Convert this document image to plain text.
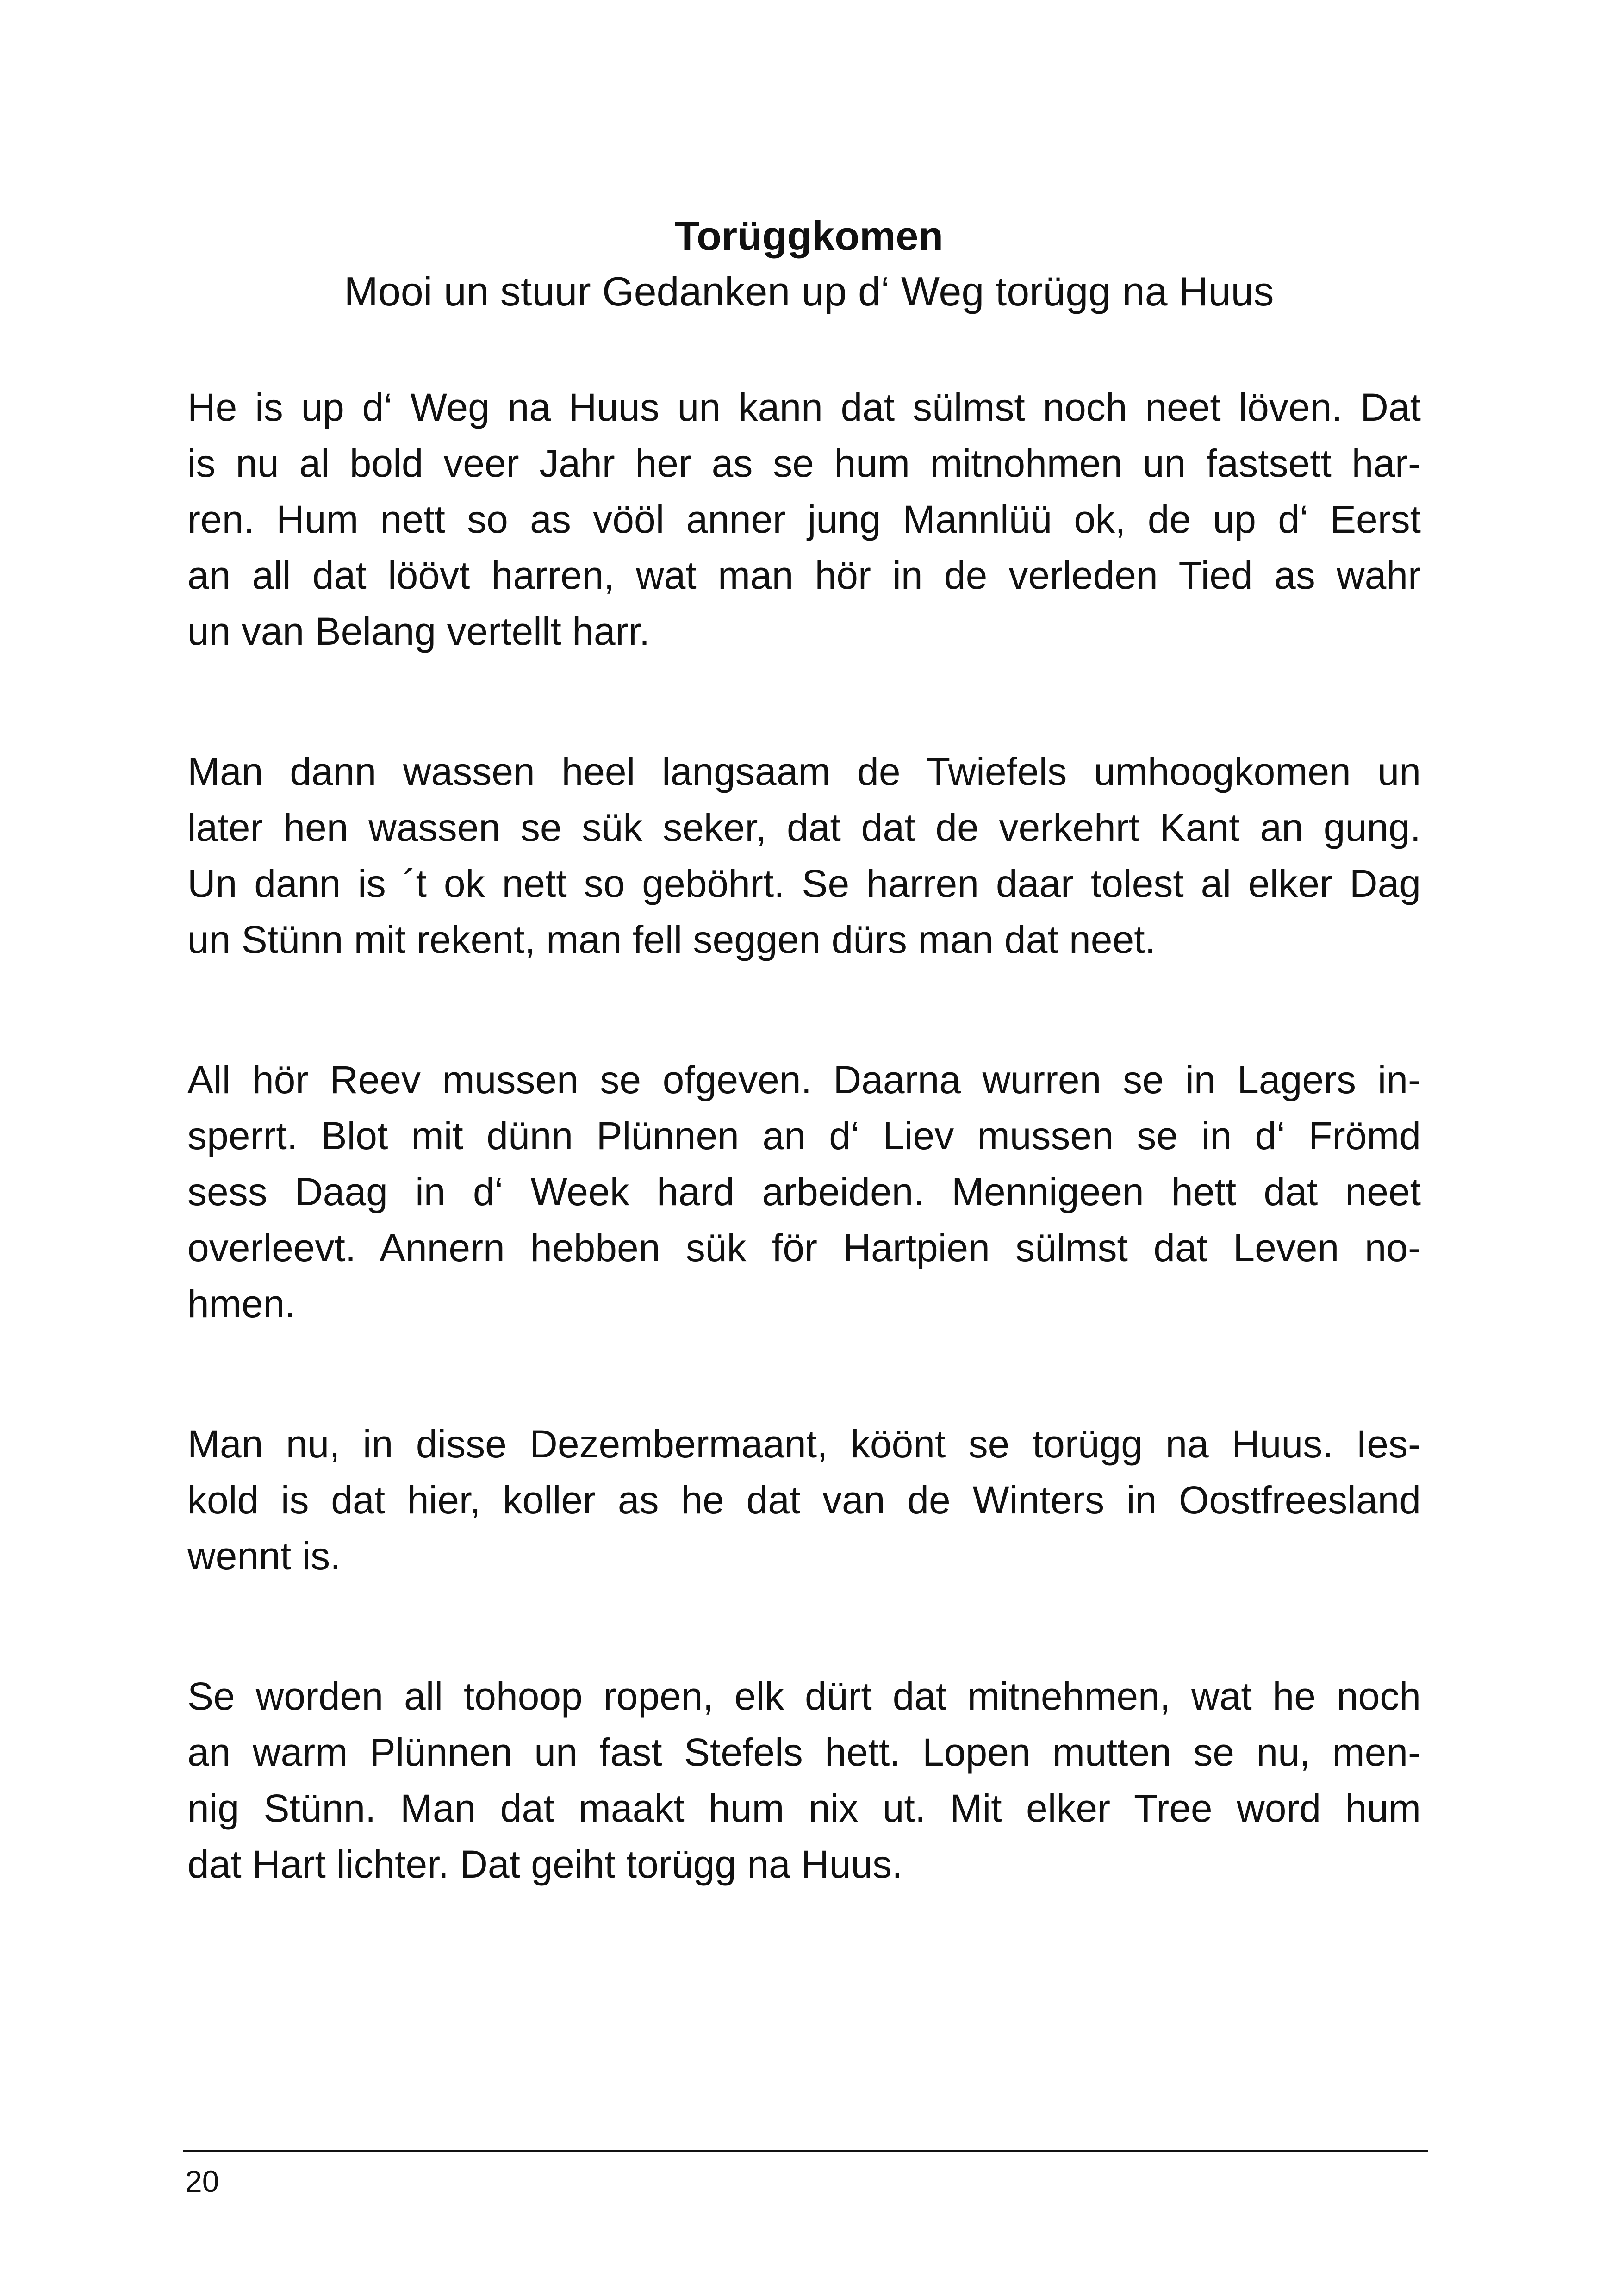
Torüggkomen
Mooi un stuur Gedanken up d‘ Weg torügg na Huus

He is up d‘ Weg na Huus un kann dat sülmst noch neet löven. Dat
is nu al bold veer Jahr her as se hum mitnohmen un fastsett har-
ren. Hum nett so as vööl anner jung Mannlüü ok, de up d‘ Eerst
an all dat löövt harren, wat man hör in de verleden Tied as wahr
un van Belang vertellt harr.

Man dann wassen heel langsaam de Twiefels umhoogkomen un
later hen wassen se sük seker, dat dat de verkehrt Kant an gung.
Un dann is ´t ok nett so geböhrt. Se harren daar tolest al elker Dag
un Stünn mit rekent, man fell seggen dürs man dat neet.

All hör Reev mussen se ofgeven. Daarna wurren se in Lagers in-
sperrt. Blot mit dünn Plünnen an d‘ Liev mussen se in d‘ Frömd
sess Daag in d‘ Week hard arbeiden. Mennigeen hett dat neet
overleevt. Annern hebben sük för Hartpien sülmst dat Leven no-
hmen.

Man nu, in disse Dezembermaant, köönt se torügg na Huus. Ies-
kold is dat hier, koller as he dat van de Winters in Oostfreesland
wennt is.

Se worden all tohoop ropen, elk dürt dat mitnehmen, wat he noch
an warm Plünnen un fast Stefels hett. Lopen mutten se nu, men-
nig Stünn. Man dat maakt hum nix ut. Mit elker Tree word hum
dat Hart lichter. Dat geiht torügg na Huus.

20
